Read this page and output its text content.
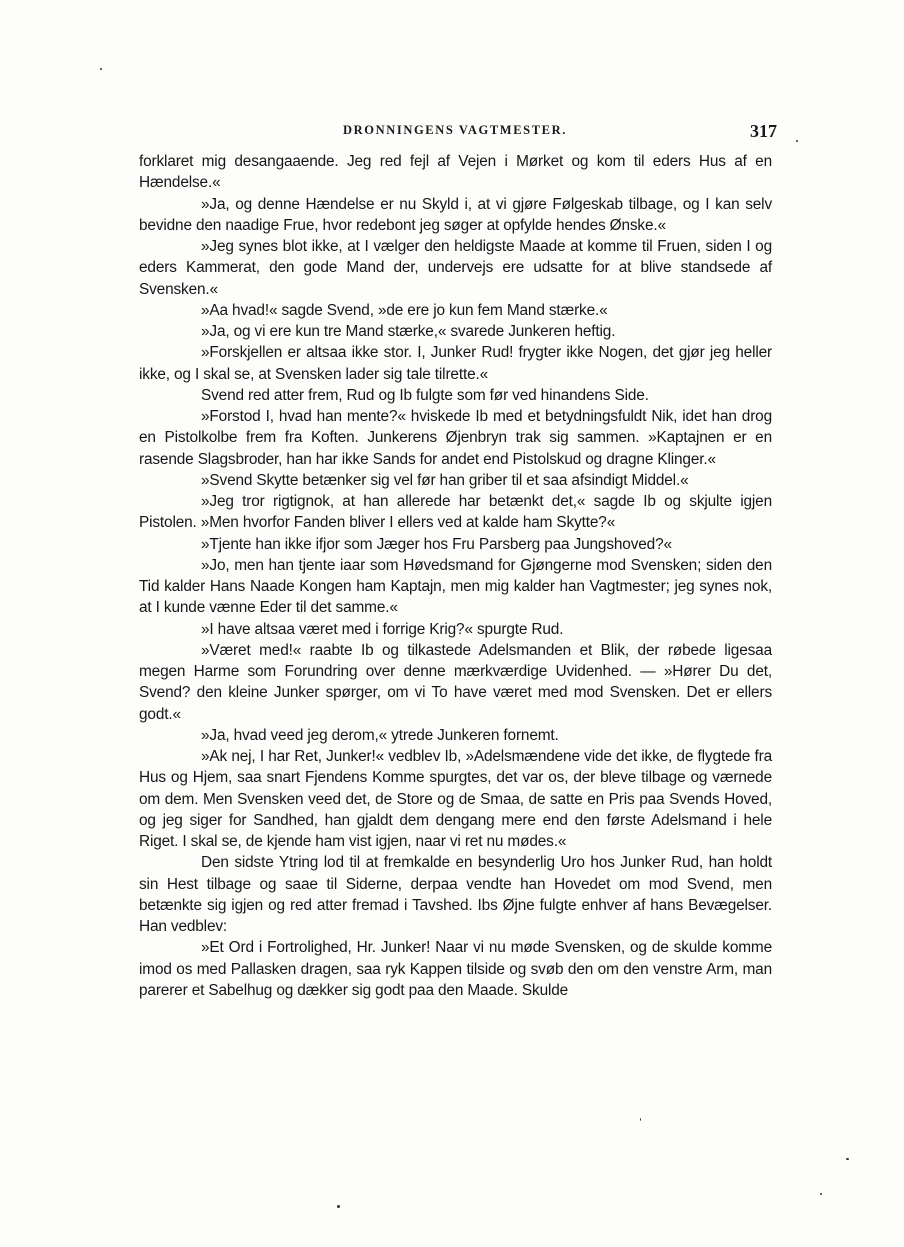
DRONNINGENS VAGTMESTER.	317

forklaret mig desangaaende. Jeg red fejl af Vejen i Mørket og kom til eders Hus af en Hændelse.«

»Ja, og denne Hændelse er nu Skyld i, at vi gjøre Følgeskab tilbage, og I kan selv bevidne den naadige Frue, hvor redebont jeg søger at opfylde hendes Ønske.«

»Jeg synes blot ikke, at I vælger den heldigste Maade at komme til Fruen, siden I og eders Kammerat, den gode Mand der, undervejs ere udsatte for at blive standsede af Svensken.«

»Aa hvad!« sagde Svend, »de ere jo kun fem Mand stærke.«

»Ja, og vi ere kun tre Mand stærke,« svarede Junkeren heftig.

»Forskjellen er altsaa ikke stor. I, Junker Rud! frygter ikke Nogen, det gjør jeg heller ikke, og I skal se, at Svensken lader sig tale tilrette.«

Svend red atter frem, Rud og Ib fulgte som før ved hinandens Side.

»Forstod I, hvad han mente?« hviskede Ib med et betydningsfuldt Nik, idet han drog en Pistolkolbe frem fra Koften. Junkerens Øjenbryn trak sig sammen. »Kaptajnen er en rasende Slagsbroder, han har ikke Sands for andet end Pistolskud og dragne Klinger.«

»Svend Skytte betænker sig vel før han griber til et saa afsindigt Middel.«

»Jeg tror rigtignok, at han allerede har betænkt det,« sagde Ib og skjulte igjen Pistolen. »Men hvorfor Fanden bliver I ellers ved at kalde ham Skytte?«

»Tjente han ikke ifjor som Jæger hos Fru Parsberg paa Jungshoved?«

»Jo, men han tjente iaar som Høvedsmand for Gjøngerne mod Svensken; siden den Tid kalder Hans Naade Kongen ham Kaptajn, men mig kalder han Vagtmester; jeg synes nok, at I kunde vænne Eder til det samme.«

»I have altsaa været med i forrige Krig?« spurgte Rud.

»Været med!« raabte Ib og tilkastede Adelsmanden et Blik, der røbede ligesaa megen Harme som Forundring over denne mærkværdige Uvidenhed. — »Hører Du det, Svend? den kleine Junker spørger, om vi To have været med mod Svensken. Det er ellers godt.«

»Ja, hvad veed jeg derom,« ytrede Junkeren fornemt.

»Ak nej, I har Ret, Junker!« vedblev Ib, »Adelsmændene vide det ikke, de flygtede fra Hus og Hjem, saa snart Fjendens Komme spurgtes, det var os, der bleve tilbage og værnede om dem. Men Svensken veed det, de Store og de Smaa, de satte en Pris paa Svends Hoved, og jeg siger for Sandhed, han gjaldt dem dengang mere end den første Adelsmand i hele Riget. I skal se, de kjende ham vist igjen, naar vi ret nu mødes.«

Den sidste Ytring lod til at fremkalde en besynderlig Uro hos Junker Rud, han holdt sin Hest tilbage og saae til Siderne, derpaa vendte han Hovedet om mod Svend, men betænkte sig igjen og red atter fremad i Tavshed. Ibs Øjne fulgte enhver af hans Bevægelser. Han vedblev:

»Et Ord i Fortrolighed, Hr. Junker! Naar vi nu møde Svensken, og de skulde komme imod os med Pallasken dragen, saa ryk Kappen tilside og svøb den om den venstre Arm, man parerer et Sabelhug og dækker sig godt paa den Maade. Skulde
